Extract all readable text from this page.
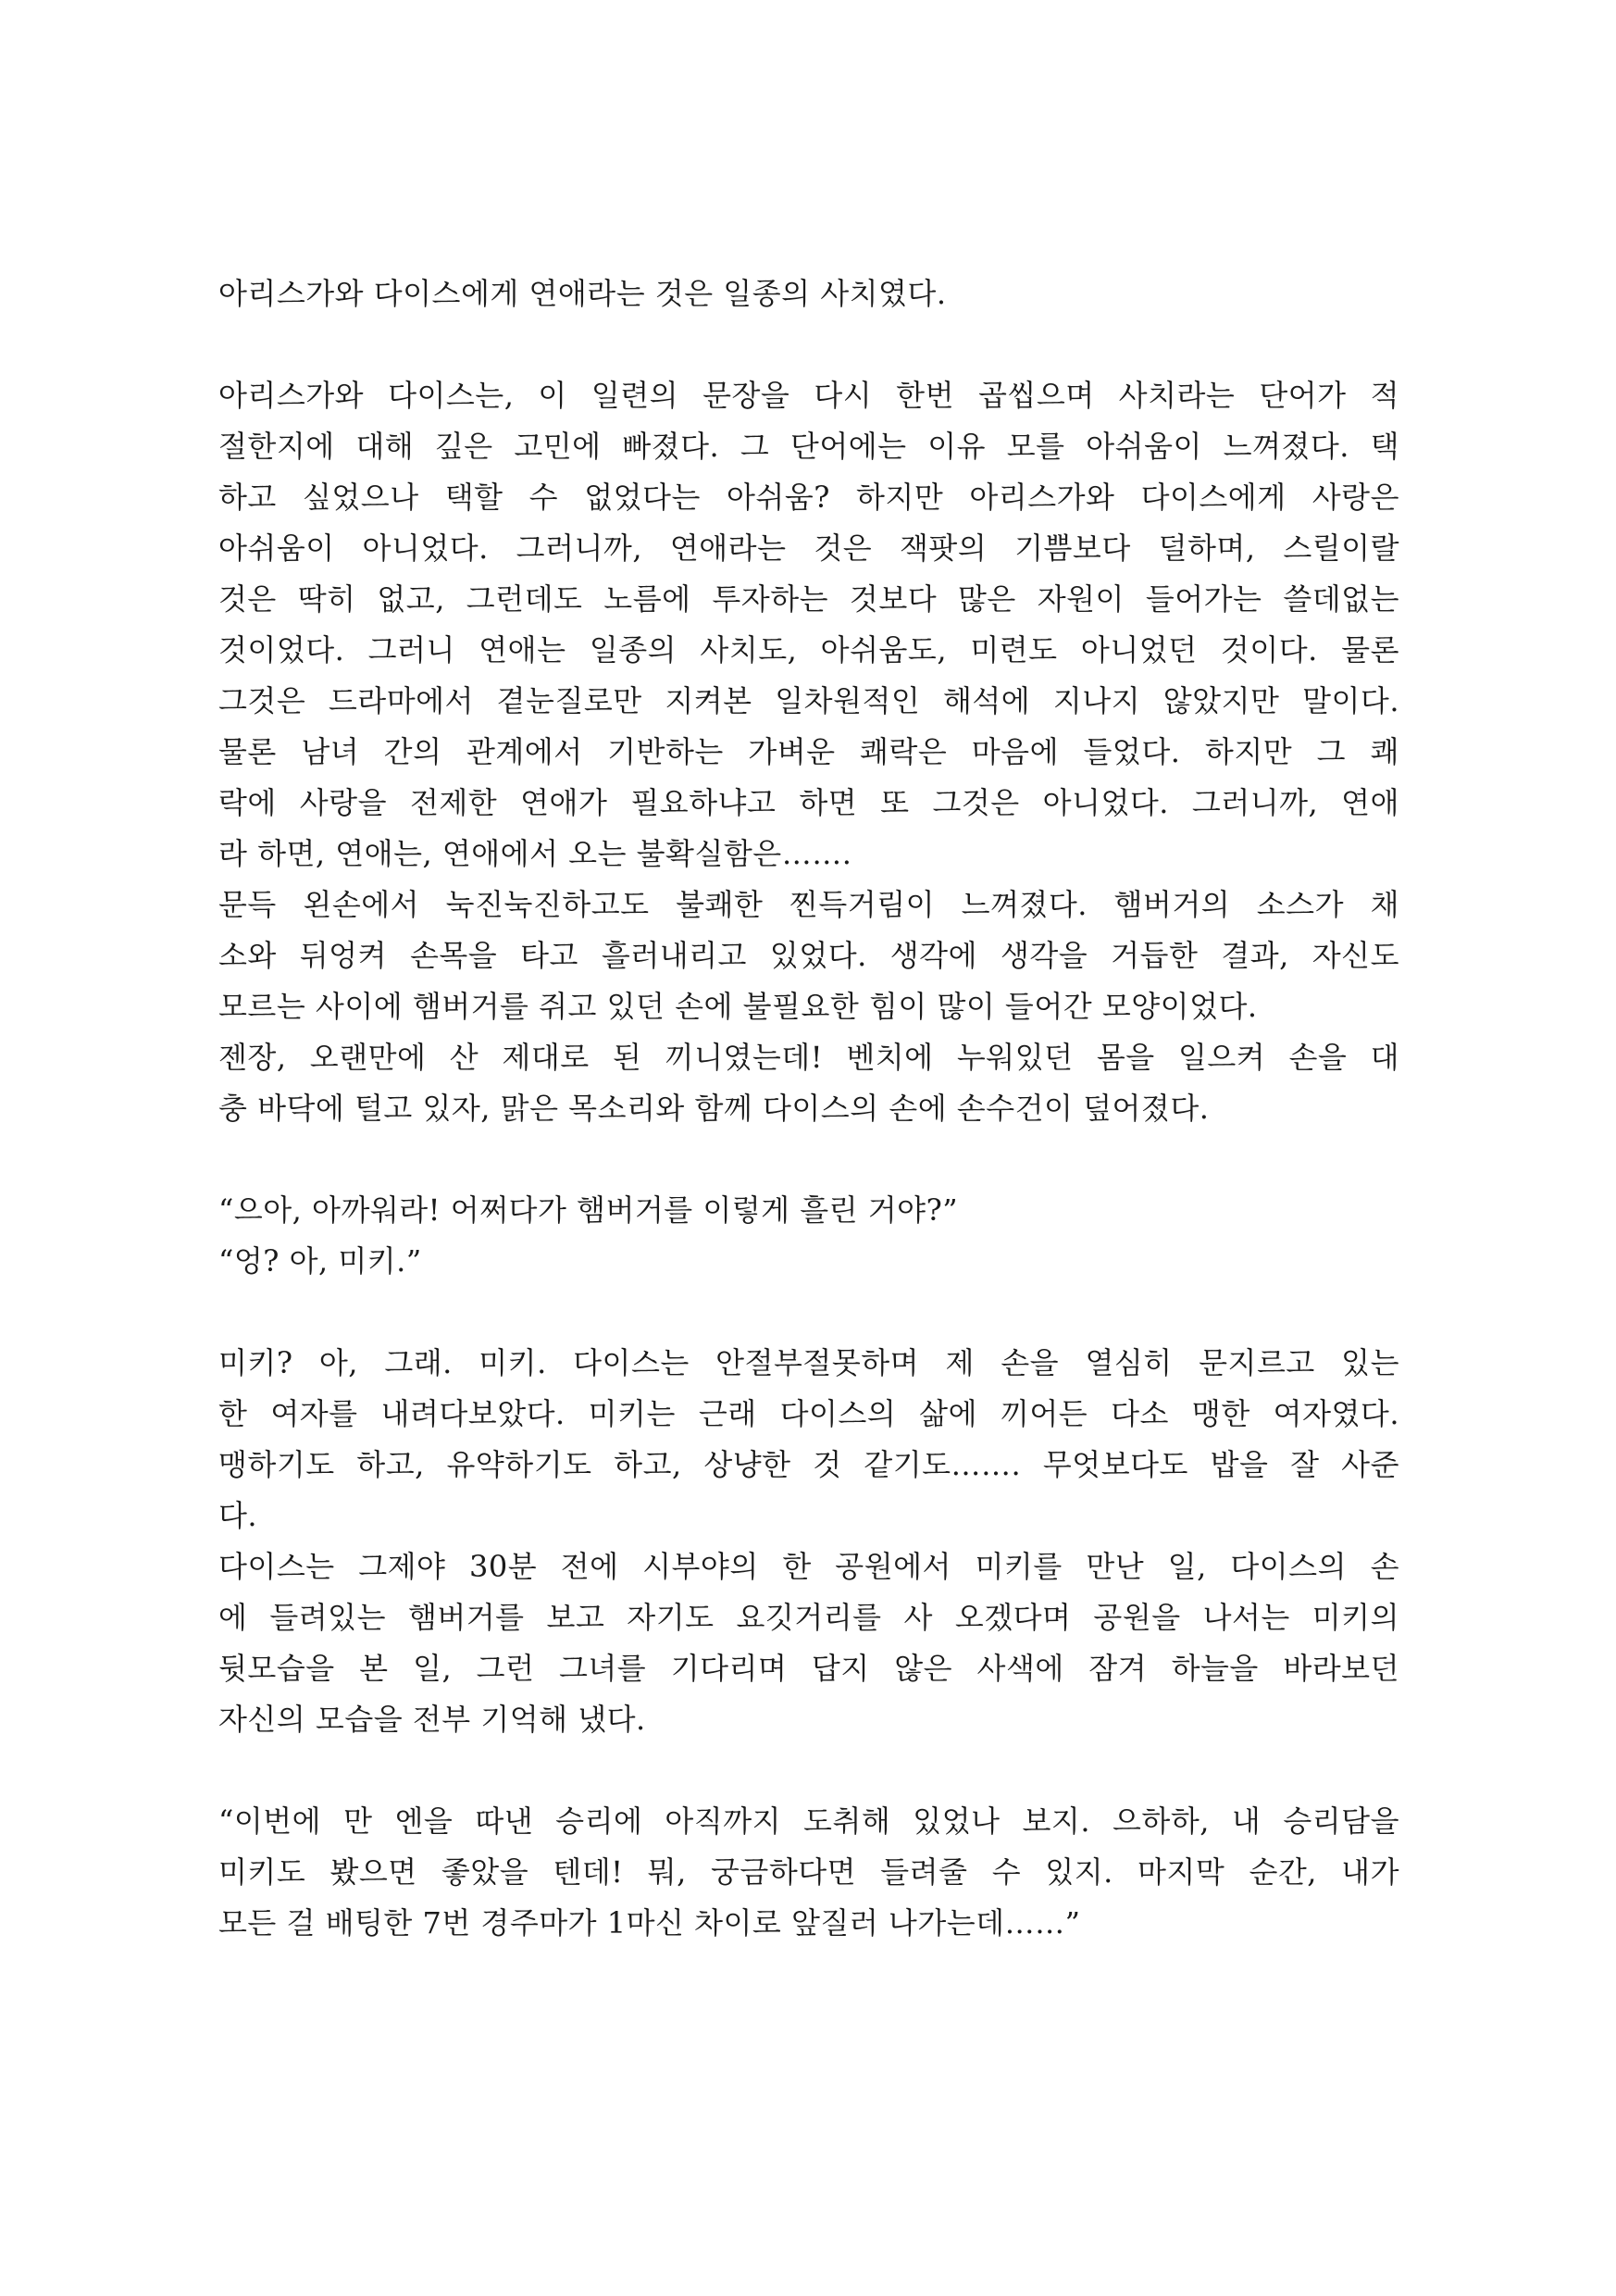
아리스가와 다이스에게 연애라는 것은 일종의 사치였다.
아리스가와 다이스는, 이 일련의 문장을 다시 한번 곱씹으며 사치라는 단어가 적
절한지에 대해 깊은 고민에 빠졌다. 그 단어에는 이유 모를 아쉬움이 느껴졌다. 택
하고 싶었으나 택할 수 없었다는 아쉬움? 하지만 아리스가와 다이스에게 사랑은
아쉬움이 아니었다. 그러니까, 연애라는 것은 잭팟의 기쁨보다 덜하며, 스릴이랄
것은 딱히 없고, 그런데도 노름에 투자하는 것보다 많은 자원이 들어가는 쓸데없는
것이었다. 그러니 연애는 일종의 사치도, 아쉬움도, 미련도 아니었던 것이다. 물론
그것은 드라마에서 곁눈질로만 지켜본 일차원적인 해석에 지나지 않았지만 말이다.
물론 남녀 간의 관계에서 기반하는 가벼운 쾌락은 마음에 들었다. 하지만 그 쾌
락에 사랑을 전제한 연애가 필요하냐고 하면 또 그것은 아니었다. 그러니까, 연애
라 하면, 연애는, 연애에서 오는 불확실함은…….
문득 왼손에서 눅진눅진하고도 불쾌한 찐득거림이 느껴졌다. 햄버거의 소스가 채
소와 뒤엉켜 손목을 타고 흘러내리고 있었다. 생각에 생각을 거듭한 결과, 자신도
모르는 사이에 햄버거를 쥐고 있던 손에 불필요한 힘이 많이 들어간 모양이었다.
젠장, 오랜만에 산 제대로 된 끼니였는데! 벤치에 누워있던 몸을 일으켜 손을 대
충 바닥에 털고 있자, 맑은 목소리와 함께 다이스의 손에 손수건이 덮어졌다.
“으아, 아까워라! 어쩌다가 햄버거를 이렇게 흘린 거야?”
“엉? 아, 미키.”
미키? 아, 그래. 미키. 다이스는 안절부절못하며 제 손을 열심히 문지르고 있는
한 여자를 내려다보았다. 미키는 근래 다이스의 삶에 끼어든 다소 맹한 여자였다.
맹하기도 하고, 유약하기도 하고, 상냥한 것 같기도……. 무엇보다도 밥을 잘 사준
다.
다이스는 그제야 30분 전에 시부야의 한 공원에서 미키를 만난 일, 다이스의 손
에 들려있는 햄버거를 보고 자기도 요깃거리를 사 오겠다며 공원을 나서는 미키의
뒷모습을 본 일, 그런 그녀를 기다리며 답지 않은 사색에 잠겨 하늘을 바라보던
자신의 모습을 전부 기억해 냈다.
“이번에 만 엔을 따낸 승리에 아직까지 도취해 있었나 보지. 으하하, 내 승리담을
미키도 봤으면 좋았을 텐데! 뭐, 궁금하다면 들려줄 수 있지. 마지막 순간, 내가
모든 걸 배팅한 7번 경주마가 1마신 차이로 앞질러 나가는데……”
